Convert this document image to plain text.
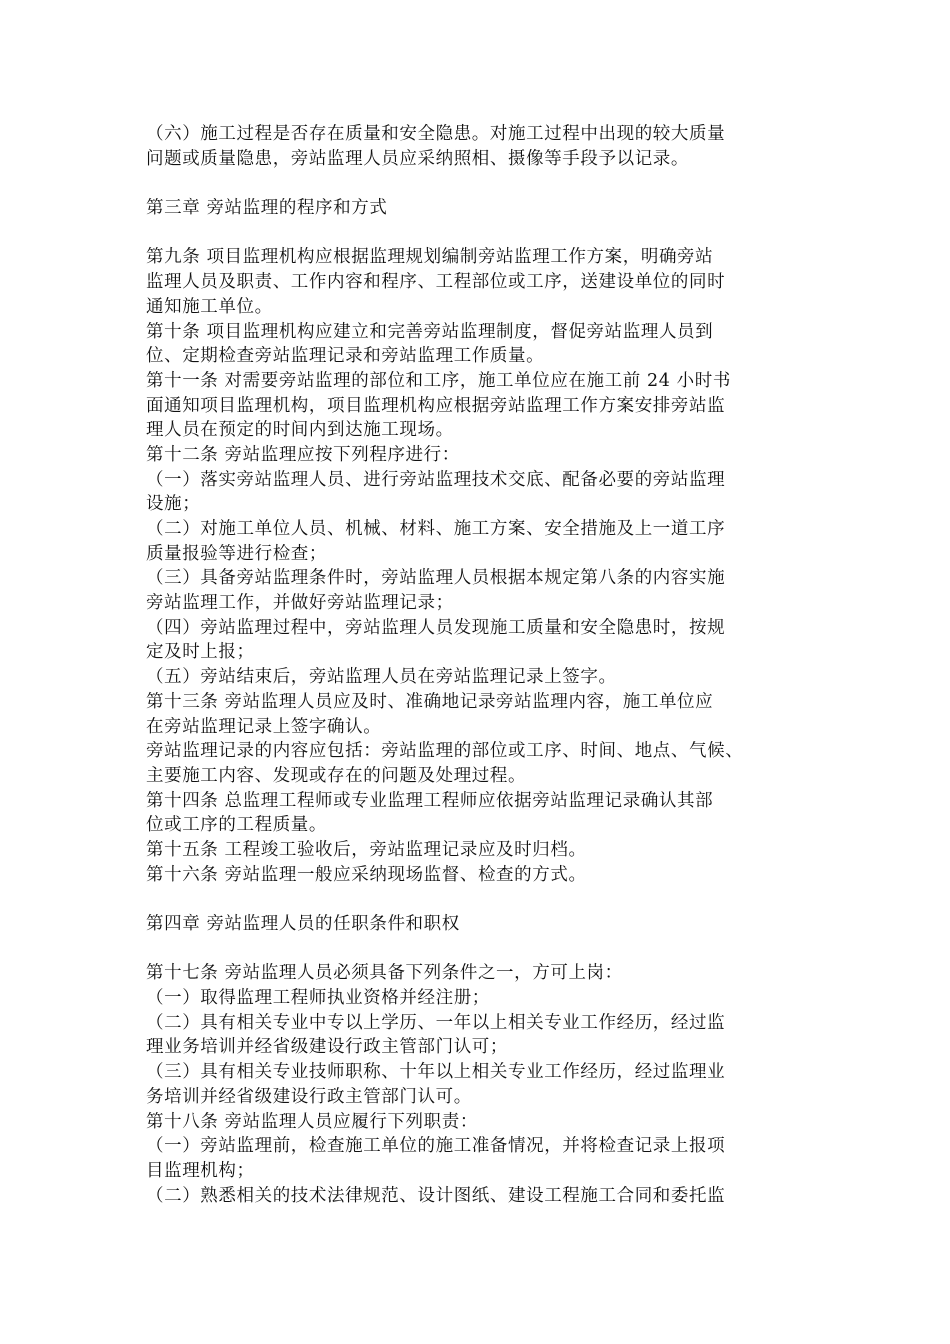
（六）施工过程是否存在质量和安全隐患。对施工过程中出现的较大质量
问题或质量隐患，旁站监理人员应采纳照相、摄像等手段予以记录。
第三章 旁站监理的程序和方式
第九条 项目监理机构应根据监理规划编制旁站监理工作方案，明确旁站
监理人员及职责、工作内容和程序、工程部位或工序，送建设单位的同时
通知施工单位。
第十条 项目监理机构应建立和完善旁站监理制度，督促旁站监理人员到
位、定期检查旁站监理记录和旁站监理工作质量。
第十一条 对需要旁站监理的部位和工序，施工单位应在施工前 24 小时书
面通知项目监理机构，项目监理机构应根据旁站监理工作方案安排旁站监
理人员在预定的时间内到达施工现场。
第十二条 旁站监理应按下列程序进行：
（一）落实旁站监理人员、进行旁站监理技术交底、配备必要的旁站监理
设施；
（二）对施工单位人员、机械、材料、施工方案、安全措施及上一道工序
质量报验等进行检查；
（三）具备旁站监理条件时，旁站监理人员根据本规定第八条的内容实施
旁站监理工作，并做好旁站监理记录；
（四）旁站监理过程中，旁站监理人员发现施工质量和安全隐患时，按规
定及时上报；
（五）旁站结束后，旁站监理人员在旁站监理记录上签字。
第十三条 旁站监理人员应及时、准确地记录旁站监理内容，施工单位应
在旁站监理记录上签字确认。
旁站监理记录的内容应包括：旁站监理的部位或工序、时间、地点、气候、
主要施工内容、发现或存在的问题及处理过程。
第十四条 总监理工程师或专业监理工程师应依据旁站监理记录确认其部
位或工序的工程质量。
第十五条 工程竣工验收后，旁站监理记录应及时归档。
第十六条 旁站监理一般应采纳现场监督、检查的方式。
第四章 旁站监理人员的任职条件和职权
第十七条 旁站监理人员必须具备下列条件之一，方可上岗：
（一）取得监理工程师执业资格并经注册；
（二）具有相关专业中专以上学历、一年以上相关专业工作经历，经过监
理业务培训并经省级建设行政主管部门认可；
（三）具有相关专业技师职称、十年以上相关专业工作经历，经过监理业
务培训并经省级建设行政主管部门认可。
第十八条 旁站监理人员应履行下列职责：
（一）旁站监理前，检查施工单位的施工准备情况，并将检查记录上报项
目监理机构；
（二）熟悉相关的技术法律规范、设计图纸、建设工程施工合同和委托监
